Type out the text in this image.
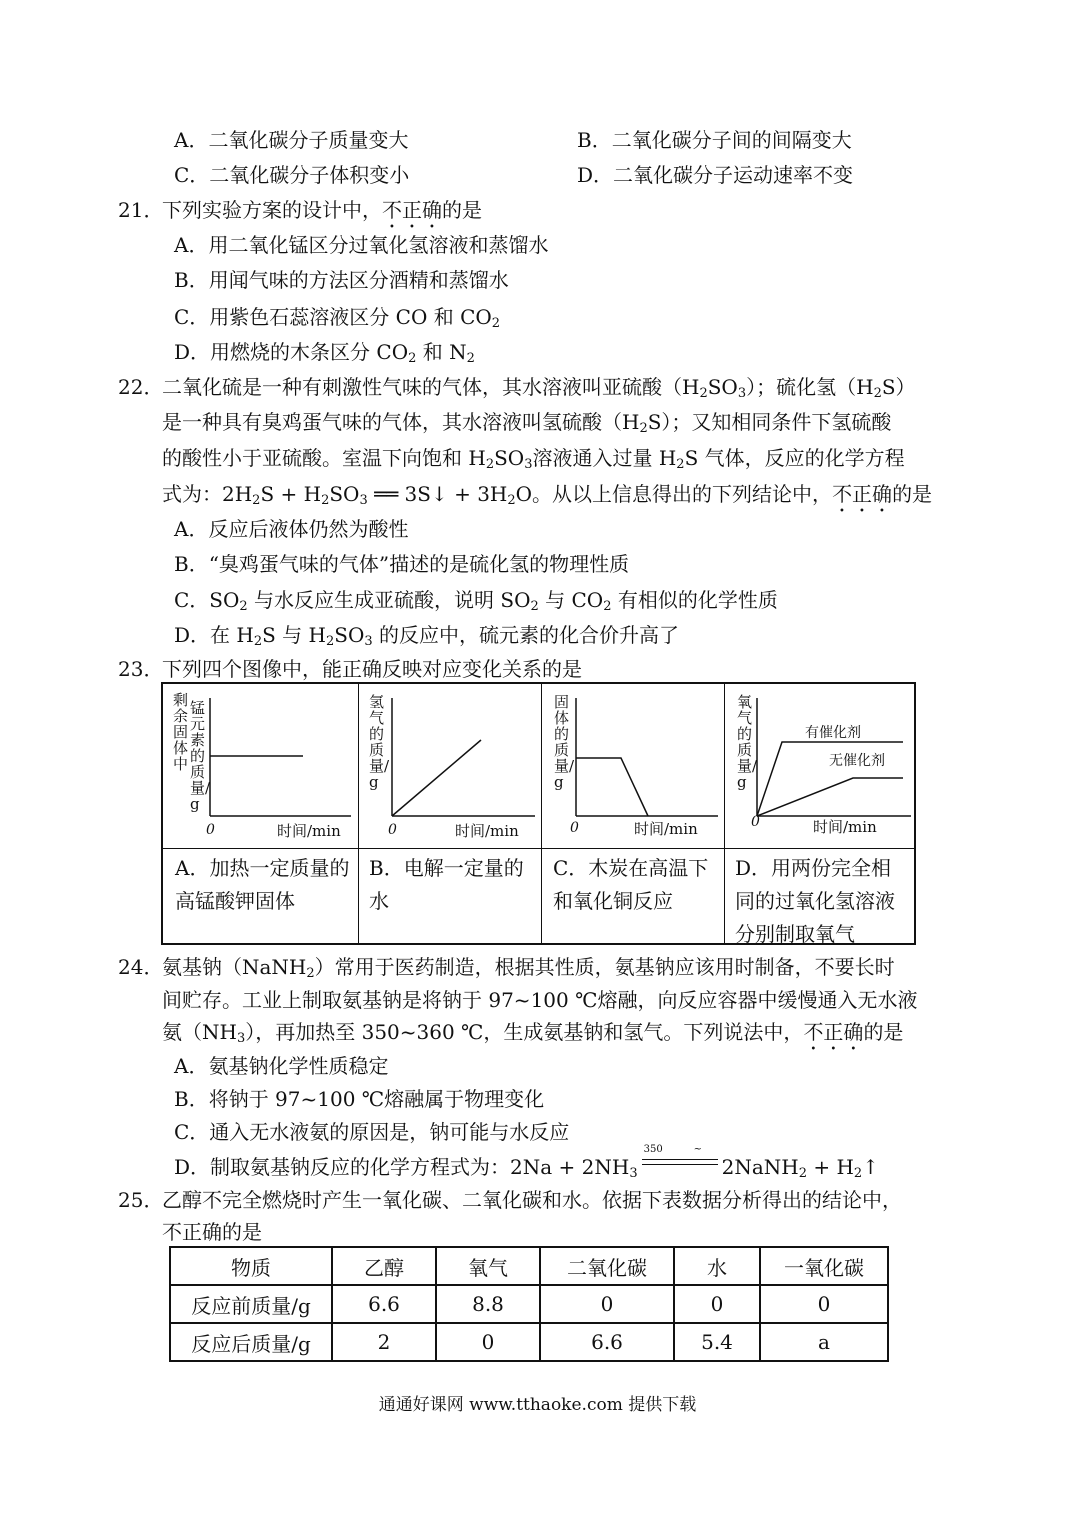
A．二氧化碳分子质量变大	B．二氧化碳分子间的间隔变大
C．二氧化碳分子体积变小	D．二氧化碳分子运动速率不变
21．
下列实验方案的设计中，不正确的是
A．用二氧化锰区分过氧化氢溶液和蒸馏水
B．用闻气味的方法区分酒精和蒸馏水
C．用紫色石蕊溶液区分 CO 和 $CO_2$
D．用燃烧的木条区分 $CO_2$ 和 $N_2$
22．
二氧化硫是一种有刺激性气味的气体，其水溶液叫亚硫酸$(H_2SO_3)$；硫化氢$(H_2S)$
是一种具有臭鸡蛋气味的气体，其水溶液叫氢硫酸$(H_2S)$；又知相同条件下氢硫酸
的酸性小于亚硫酸。室温下向饱和 $H_2SO_3$溶液通入过量 $H_2S$ 气体，反应的化学方程
式为：$2H_2S + H_2SO_3$ ══ 3S↓ + $3H_2O$。从以上信息得出的下列结论中，不正确的是
A．反应后液体仍然为酸性
B．“臭鸡蛋气味的气体”描述的是硫化氢的物理性质
C．$SO_2$ 与水反应生成亚硫酸，说明 $SO_2$ 与 $CO_2$ 有相似的化学性质
D．在 $H_2S$ 与 $H_2SO_3$ 的反应中，硫元素的化合价升高了
23．
下列四个图像中，能正确反映对应变化关系的是
剩余固体中
锰元素的质量/g
0	时间/min
氢气的质量/g
0	时间/min
固体的质量/g
0	时间/min
氧气的质量/g
有催化剂
无催化剂
0	时间/min
A．加热一定质量的高锰酸钾固体
B．电解一定量的水
C．木炭在高温下和氧化铜反应
D．用两份完全相同的过氧化氢溶液分别制取氧气
24．
氨基钠（NaNH$_2$）常用于医药制造，根据其性质，氨基钠应该用时制备，不要长时
间贮存。工业上制取氨基钠是将钠于 97~100 ℃熔融，向反应容器中缓慢通入无水液
氨$(NH_3)$，再加热至 350~360 ℃，生成氨基钠和氢气。下列说法中，不正确的是
A．氨基钠化学性质稳定
B．将钠于 97~100 ℃熔融属于物理变化
C．通入无水液氨的原因是，钠可能与水反应
D．制取氨基钠反应的化学方程式为：$2Na + 2NH_3$
350	~
2NaNH$_2$ + $H_2↑$
25．
乙醇不完全燃烧时产生一氧化碳、二氧化碳和水。依据下表数据分析得出的结论中，
不正确的是
物质	乙醇	氧气	二氧化碳	水	一氧化碳
反应前质量/g	6.6	8.8	0	0	0
反应后质量/g	2	0	6.6	5.4	a
通通好课网 www.tthaoke.com 提供下载
